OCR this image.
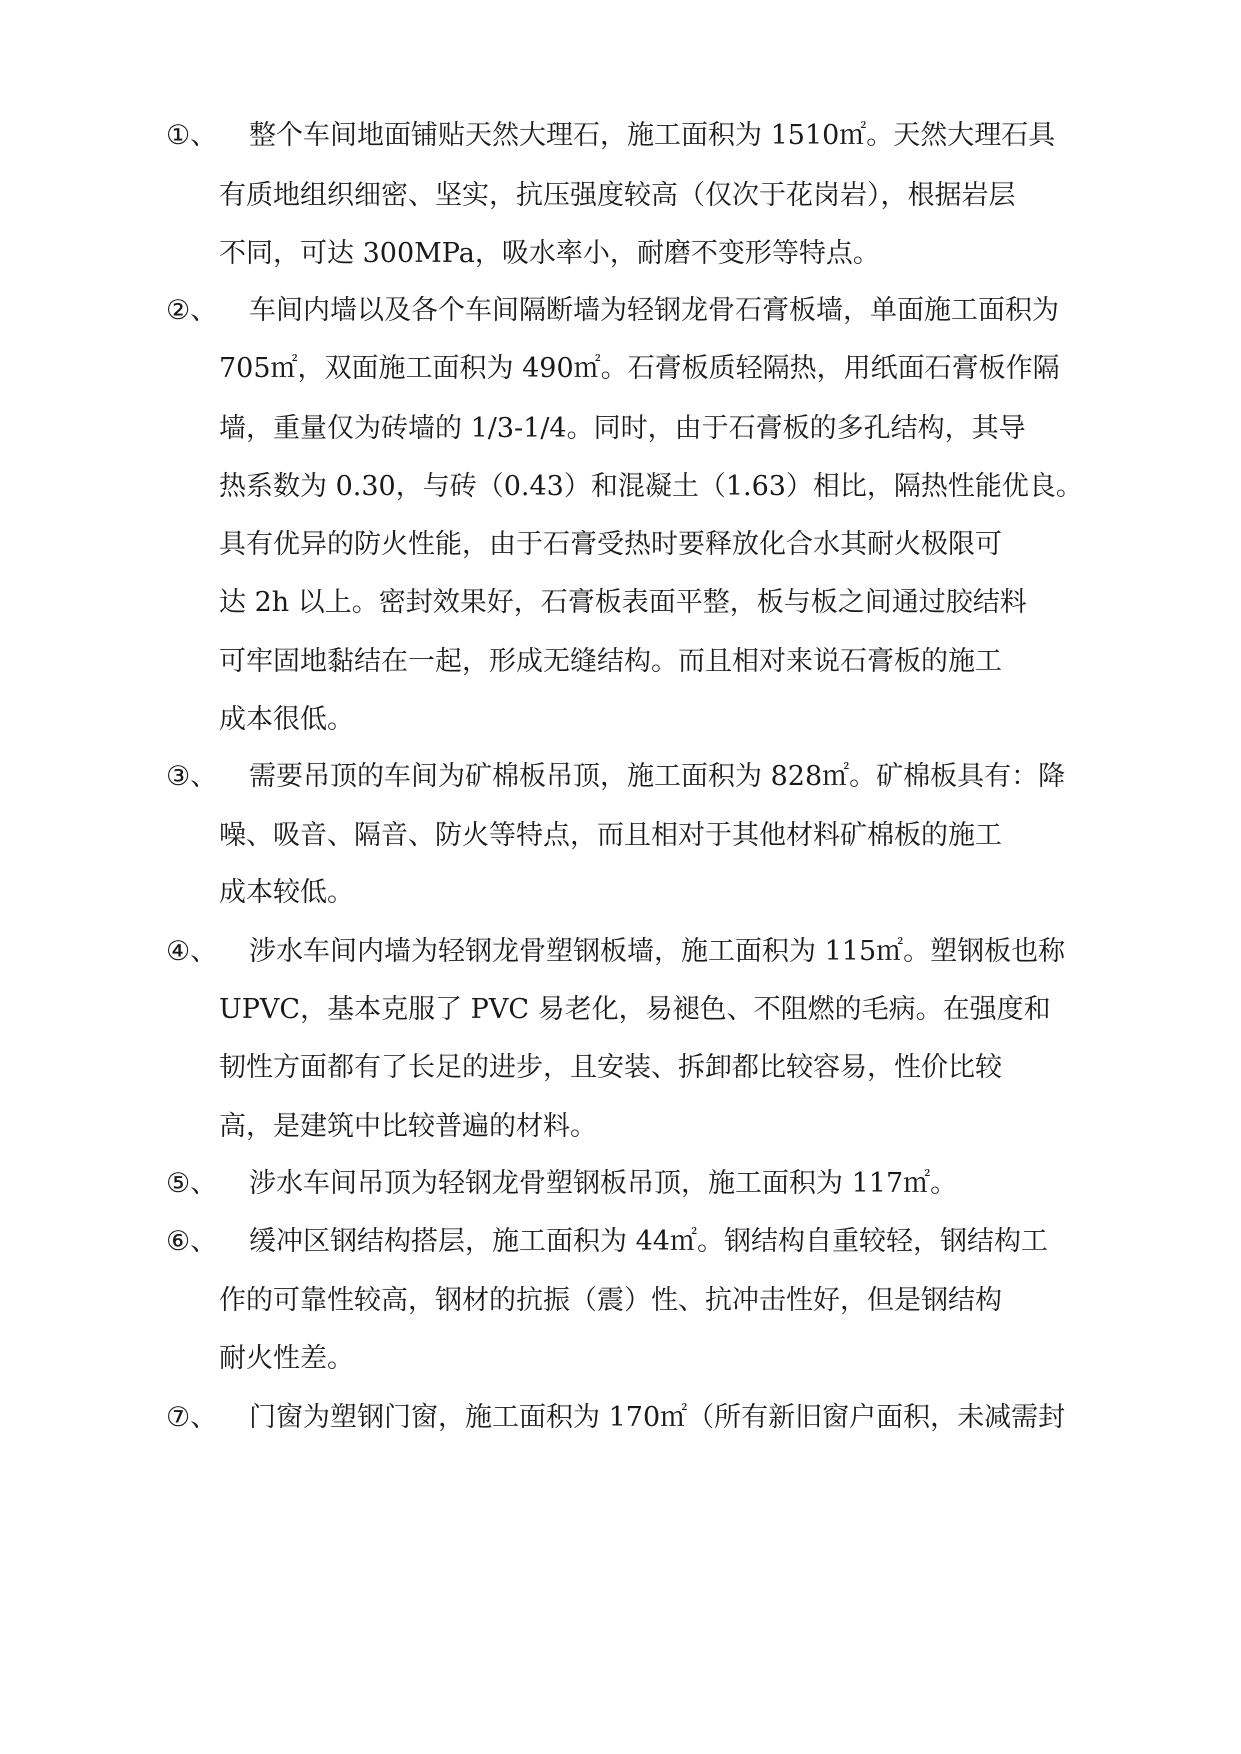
①、 整个车间地面铺贴天然大理石，施工面积为 1510㎡。天然大理石具
有质地组织细密、坚实，抗压强度较高（仅次于花岗岩），根据岩层
不同，可达 300MPa，吸水率小，耐磨不变形等特点。
②、 车间内墙以及各个车间隔断墙为轻钢龙骨石膏板墙，单面施工面积为
705㎡，双面施工面积为 490㎡。石膏板质轻隔热，用纸面石膏板作隔
墙，重量仅为砖墙的 1/3-1/4。同时，由于石膏板的多孔结构，其导
热系数为 0.30，与砖（0.43）和混凝土（1.63）相比，隔热性能优良。
具有优异的防火性能，由于石膏受热时要释放化合水其耐火极限可
达 2h 以上。密封效果好，石膏板表面平整，板与板之间通过胶结料
可牢固地黏结在一起，形成无缝结构。而且相对来说石膏板的施工
成本很低。
③、 需要吊顶的车间为矿棉板吊顶，施工面积为 828㎡。矿棉板具有：降
噪、吸音、隔音、防火等特点，而且相对于其他材料矿棉板的施工
成本较低。
④、 涉水车间内墙为轻钢龙骨塑钢板墙，施工面积为 115㎡。塑钢板也称
UPVC，基本克服了 PVC 易老化，易褪色、不阻燃的毛病。在强度和
韧性方面都有了长足的进步，且安装、拆卸都比较容易，性价比较
高，是建筑中比较普遍的材料。
⑤、 涉水车间吊顶为轻钢龙骨塑钢板吊顶，施工面积为 117㎡。
⑥、 缓冲区钢结构搭层，施工面积为 44㎡。钢结构自重较轻，钢结构工
作的可靠性较高，钢材的抗振（震）性、抗冲击性好，但是钢结构
耐火性差。
⑦、 门窗为塑钢门窗，施工面积为 170㎡（所有新旧窗户面积，未减需封
